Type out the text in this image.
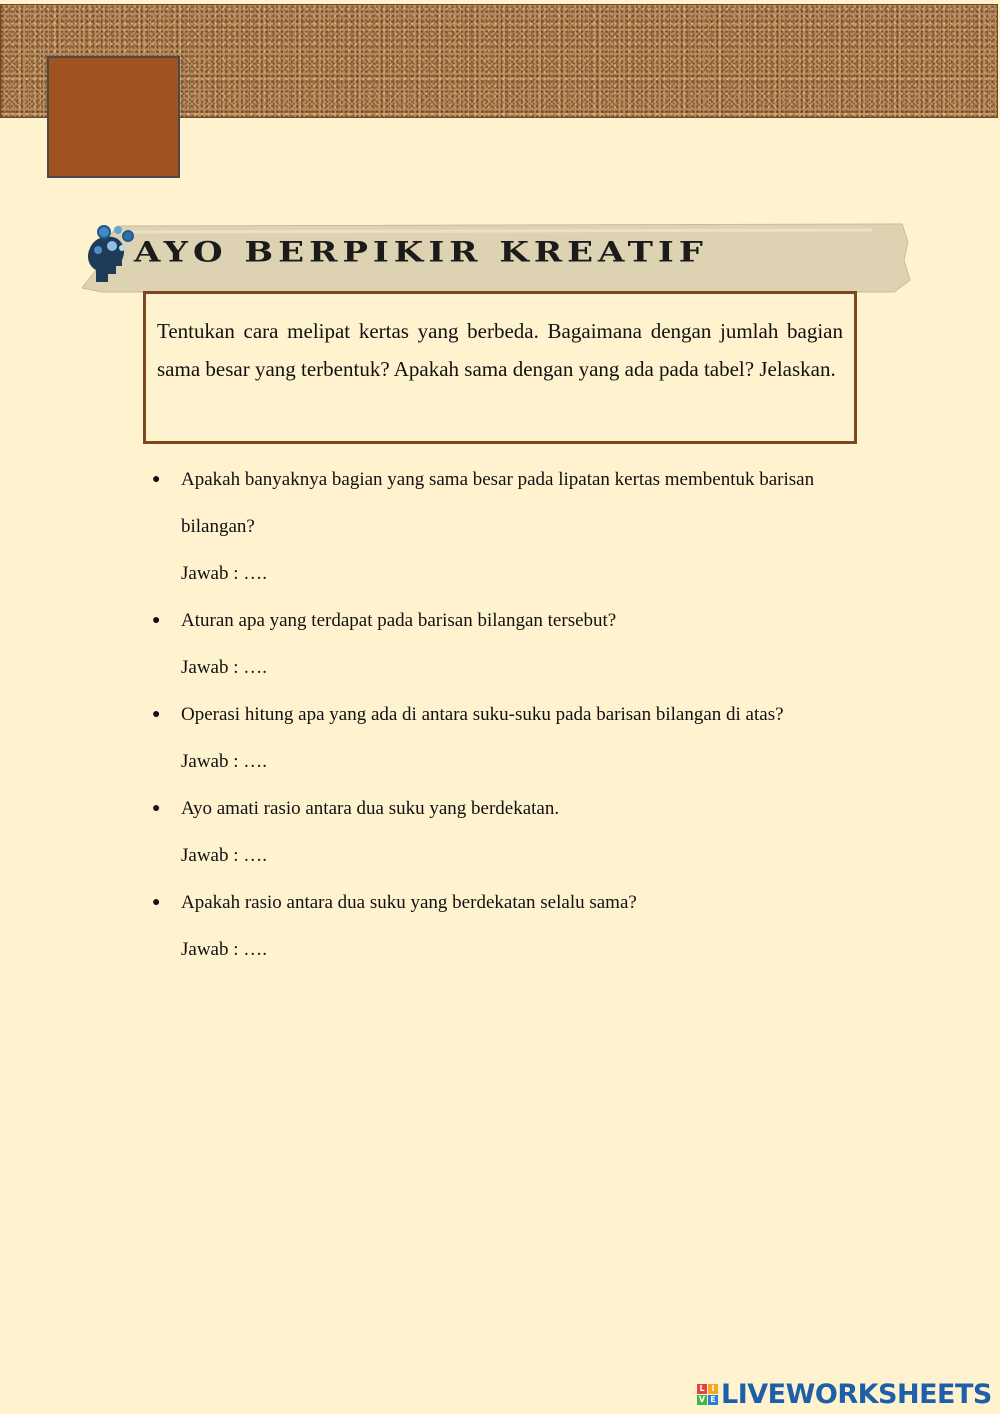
AYO BERPIKIR KREATIF

Tentukan cara melipat kertas yang berbeda. Bagaimana dengan jumlah bagian sama besar yang terbentuk? Apakah sama dengan yang ada pada tabel? Jelaskan.

● Apakah banyaknya bagian yang sama besar pada lipatan kertas membentuk barisan
bilangan?
Jawab : ….
● Aturan apa yang terdapat pada barisan bilangan tersebut?
Jawab : ….
● Operasi hitung apa yang ada di antara suku-suku pada barisan bilangan di atas?
Jawab : ….
● Ayo amati rasio antara dua suku yang berdekatan.
Jawab : ….
● Apakah rasio antara dua suku yang berdekatan selalu sama?
Jawab : ….
L I
V E LIVEWORKSHEETS
